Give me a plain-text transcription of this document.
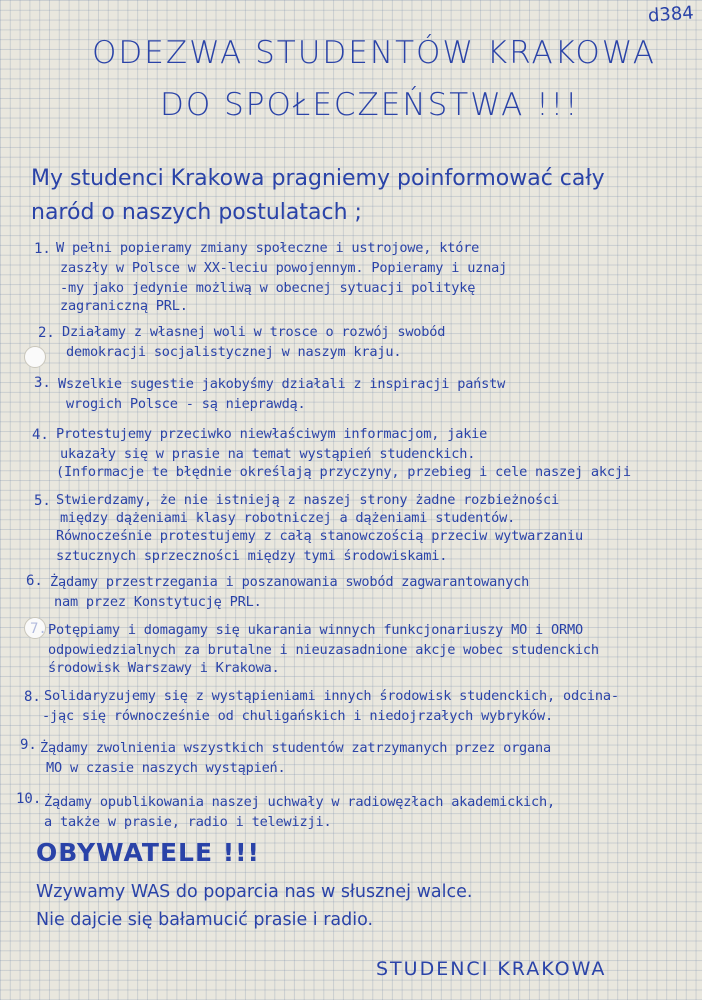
d384
ODEZWA STUDENTÓW KRAKOWA
DO SPOŁECZEŃSTWA !!!
My studenci Krakowa pragniemy poinformować cały
naród o naszych postulatach ;
1. W pełni popieramy zmiany społeczne i ustrojowe, które
zaszły w Polsce w XX-leciu powojennym. Popieramy i uznaj
-my jako jedynie możliwą w obecnej sytuacji politykę
zagraniczną PRL.
2. Działamy z własnej woli w trosce o rozwój swobód
demokracji socjalistycznej w naszym kraju.
3. Wszelkie sugestie jakobyśmy działali z inspiracji państw
wrogich Polsce - są nieprawdą.
4. Protestujemy przeciwko niewłaściwym informacjom, jakie
ukazały się w prasie na temat wystąpień studenckich.
(Informacje te błędnie określają przyczyny, przebieg i cele naszej akcji
5. Stwierdzamy, że nie istnieją z naszej strony żadne rozbieżności
między dążeniami klasy robotniczej a dążeniami studentów.
Równocześnie protestujemy z całą stanowczością przeciw wytwarzaniu
sztucznych sprzeczności między tymi środowiskami.
6. Żądamy przestrzegania i poszanowania swobód zagwarantowanych
nam przez Konstytucję PRL.
7. Potępiamy i domagamy się ukarania winnych funkcjonariuszy MO i ORMO
odpowiedzialnych za brutalne i nieuzasadnione akcje wobec studenckich
środowisk Warszawy i Krakowa.
8. Solidaryzujemy się z wystąpieniami innych środowisk studenckich, odcina-
-jąc się równocześnie od chuligańskich i niedojrzałych wybryków.
9. Żądamy zwolnienia wszystkich studentów zatrzymanych przez organa
MO w czasie naszych wystąpień.
10. Żądamy opublikowania naszej uchwały w radiowęzłach akademickich,
a także w prasie, radio i telewizji.
OBYWATELE !!!
Wzywamy WAS do poparcia nas w słusznej walce.
Nie dajcie się bałamucić prasie i radio.
STUDENCI KRAKOWA
